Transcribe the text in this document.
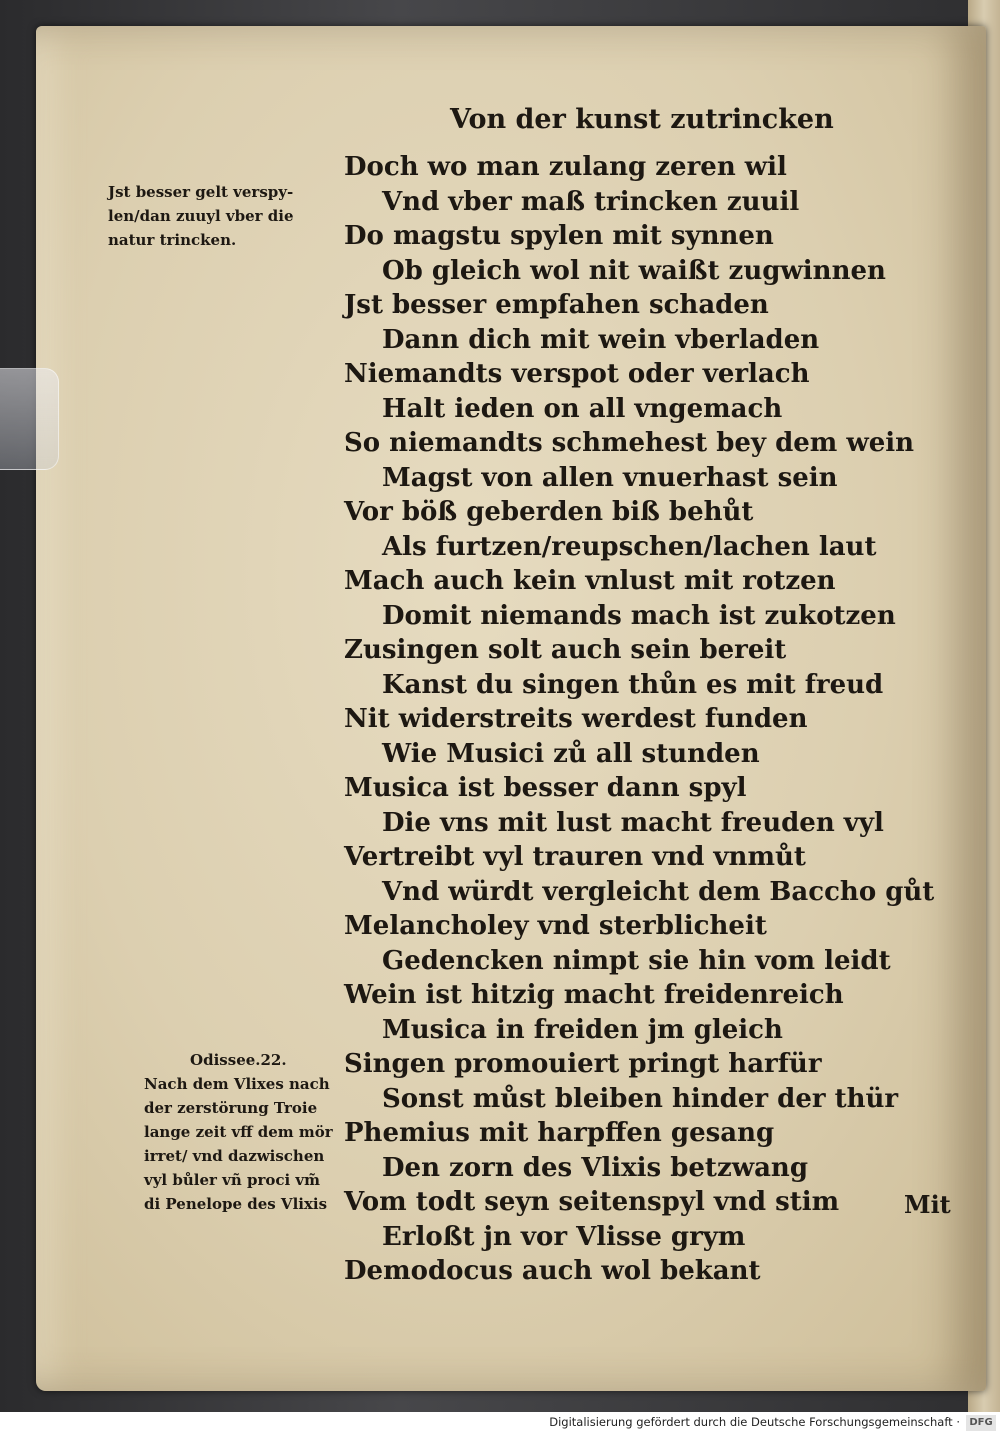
Von der kunst zutrincken
Jst besser gelt verspy-
len/dan zuuyl vber die
natur trincken.
Odissee.22.
Nach dem Vlixes nach
der zerstörung Troie
lange zeit vff dem mör
irret/ vnd dazwischen
vyl bůler vñ proci vm̃
di Penelope des Vlixis
Doch wo man zulang zeren wil
Vnd vber maß trincken zuuil
Do magstu spylen mit synnen
Ob gleich wol nit waißt zugwinnen
Jst besser empfahen schaden
Dann dich mit wein vberladen
Niemandts verspot oder verlach
Halt ieden on all vngemach
So niemandts schmehest bey dem wein
Magst von allen vnuerhast sein
Vor böß geberden biß behůt
Als furtzen/reupschen/lachen laut
Mach auch kein vnlust mit rotzen
Domit niemands mach ist zukotzen
Zusingen solt auch sein bereit
Kanst du singen thůn es mit freud
Nit widerstreits werdest funden
Wie Musici zů all stunden
Musica ist besser dann spyl
Die vns mit lust macht freuden vyl
Vertreibt vyl trauren vnd vnmůt
Vnd würdt vergleicht dem Baccho gůt
Melancholey vnd sterblicheit
Gedencken nimpt sie hin vom leidt
Wein ist hitzig macht freidenreich
Musica in freiden jm gleich
Singen promouiert pringt harfür
Sonst můst bleiben hinder der thür
Phemius mit harpffen gesang
Den zorn des Vlixis betzwang
Vom todt seyn seitenspyl vnd stim
Erloßt jn vor Vlisse grym
Demodocus auch wol bekant
Mit
Digitalisierung gefördert durch die Deutsche Forschungsgemeinschaft · DFG
